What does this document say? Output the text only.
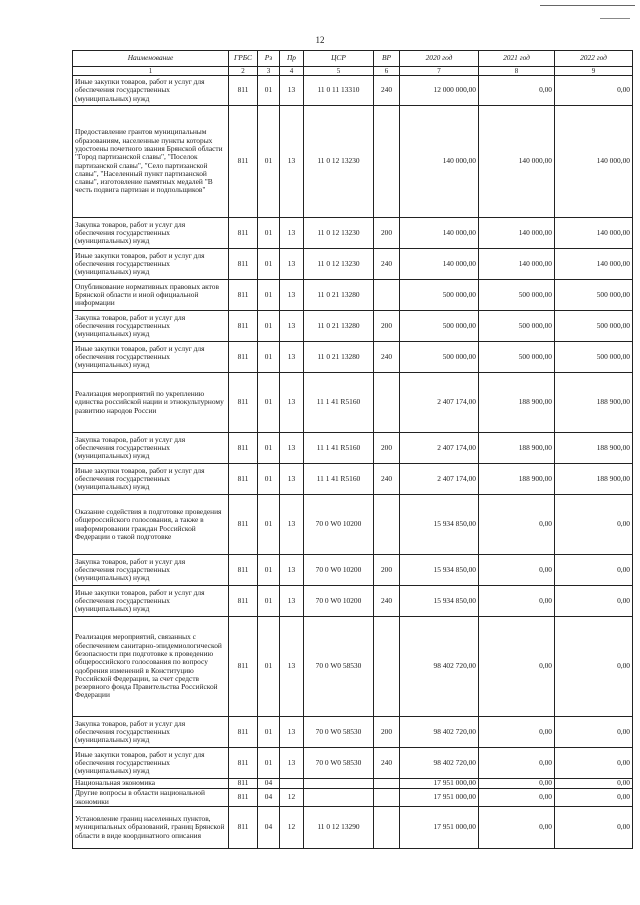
12
Наименование	ГРБС	Рз	Пр	ЦСР	ВР	2020 год	2021 год	2022 год
1	2	3	4	5	6	7	8	9
Иные закупки товаров, работ и услуг для обеспечения государственных (муниципальных) нужд	811	01	13	11 0 11 13310	240	12 000 000,00	0,00	0,00
Предоставление грантов муниципальным образованиям, населенные пункты которых удостоены почетного звания Брянской области "Город партизанской славы", "Поселок партизанской славы", "Село партизанской славы", "Населенный пункт партизанской славы", изготовление памятных медалей "В честь подвига партизан и подпольщиков"	811	01	13	11 0 12 13230		140 000,00	140 000,00	140 000,00
Закупка товаров, работ и услуг для обеспечения государственных (муниципальных) нужд	811	01	13	11 0 12 13230	200	140 000,00	140 000,00	140 000,00
Иные закупки товаров, работ и услуг для обеспечения государственных (муниципальных) нужд	811	01	13	11 0 12 13230	240	140 000,00	140 000,00	140 000,00
Опубликование нормативных правовых актов Брянской области и иной официальной информации	811	01	13	11 0 21 13280		500 000,00	500 000,00	500 000,00
Закупка товаров, работ и услуг для обеспечения государственных (муниципальных) нужд	811	01	13	11 0 21 13280	200	500 000,00	500 000,00	500 000,00
Иные закупки товаров, работ и услуг для обеспечения государственных (муниципальных) нужд	811	01	13	11 0 21 13280	240	500 000,00	500 000,00	500 000,00
Реализация мероприятий по укреплению единства российской нации и этнокультурному развитию народов России	811	01	13	11 1 41 R5160		2 407 174,00	188 900,00	188 900,00
Закупка товаров, работ и услуг для обеспечения государственных (муниципальных) нужд	811	01	13	11 1 41 R5160	200	2 407 174,00	188 900,00	188 900,00
Иные закупки товаров, работ и услуг для обеспечения государственных (муниципальных) нужд	811	01	13	11 1 41 R5160	240	2 407 174,00	188 900,00	188 900,00
Оказание содействия в подготовке проведения общероссийского голосования, а также в информировании граждан Российской Федерации о такой подготовке	811	01	13	70 0 W0 10200		15 934 850,00	0,00	0,00
Закупка товаров, работ и услуг для обеспечения государственных (муниципальных) нужд	811	01	13	70 0 W0 10200	200	15 934 850,00	0,00	0,00
Иные закупки товаров, работ и услуг для обеспечения государственных (муниципальных) нужд	811	01	13	70 0 W0 10200	240	15 934 850,00	0,00	0,00
Реализация мероприятий, связанных с обеспечением санитарно-эпидемиологической безопасности при подготовке к проведению общероссийского голосования по вопросу одобрения изменений в Конституцию Российской Федерации, за счет средств резервного фонда Правительства Российской Федерации	811	01	13	70 0 W0 58530		98 402 720,00	0,00	0,00
Закупка товаров, работ и услуг для обеспечения государственных (муниципальных) нужд	811	01	13	70 0 W0 58530	200	98 402 720,00	0,00	0,00
Иные закупки товаров, работ и услуг для обеспечения государственных (муниципальных) нужд	811	01	13	70 0 W0 58530	240	98 402 720,00	0,00	0,00
Национальная экономика	811	04				17 951 000,00	0,00	0,00
Другие вопросы в области национальной экономики	811	04	12			17 951 000,00	0,00	0,00
Установление границ населенных пунктов, муниципальных образований, границ Брянской области в виде координатного описания	811	04	12	11 0 12 13290		17 951 000,00	0,00	0,00
